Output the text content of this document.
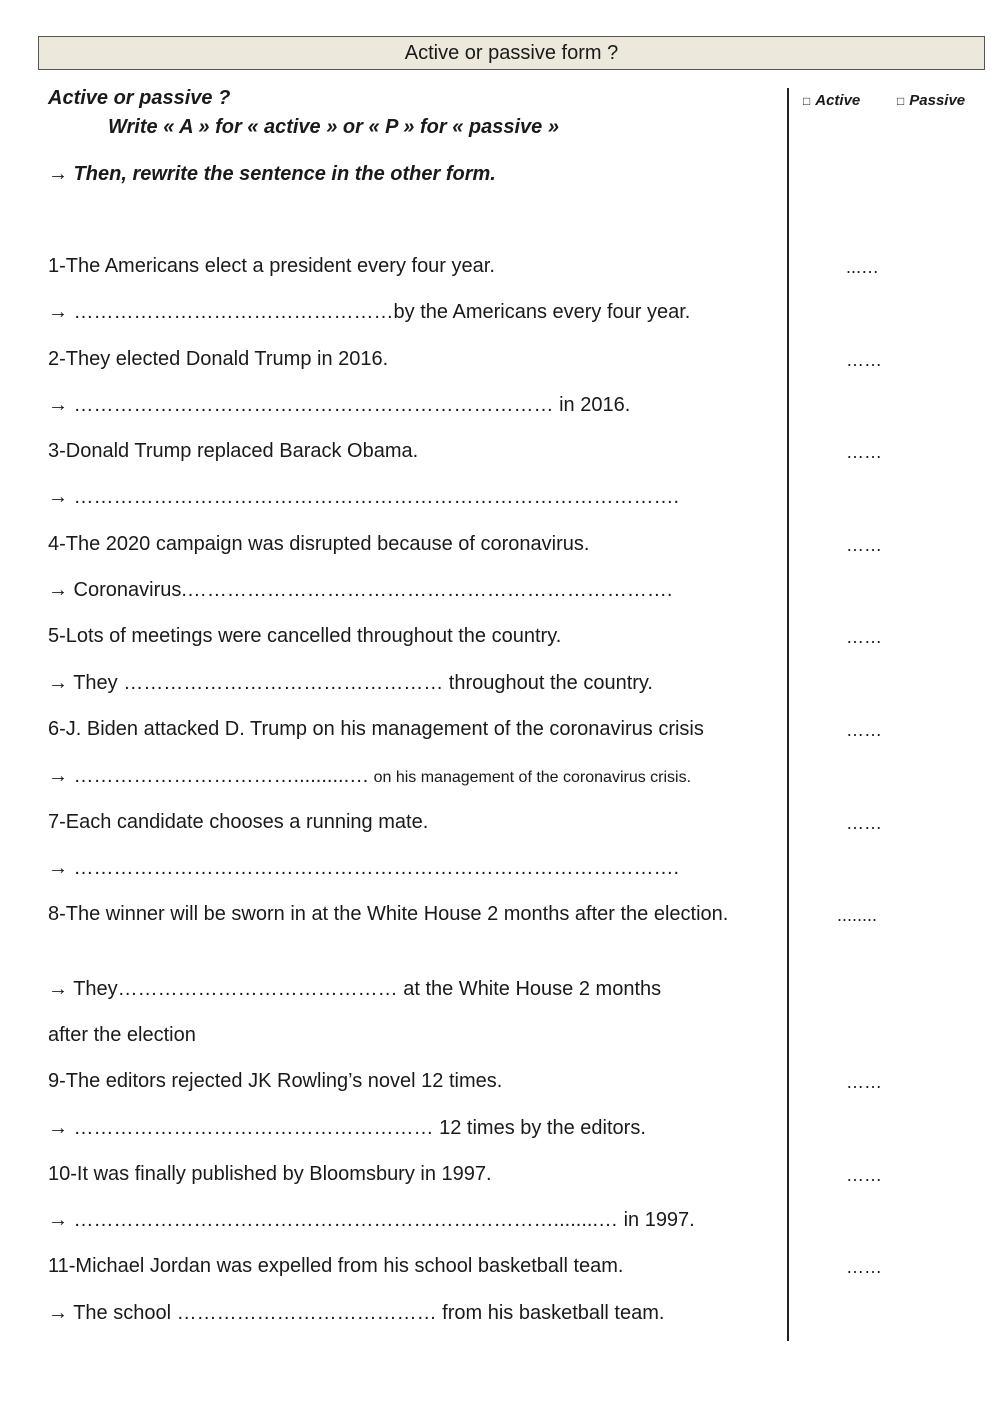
Active or passive form ?
Active or passive ?
Write « A » for « active » or « P » for « passive »
→ Then, rewrite the sentence in the other form.
□ Active	□ Passive
1-The Americans elect a president every four year.	...…
→ …………………………………………by the Americans every four year.
2-They elected Donald Trump in 2016.	……
→ ……………………………………………………………… in 2016.
3-Donald Trump replaced Barack Obama.	……
→ ……………………………………………………………………………….
4-The 2020 campaign was disrupted because of coronavirus.	……
→ Coronavirus.……………………………………………………………….
5-Lots of meetings were cancelled throughout the country.	……
→ They ………………………………………… throughout the country.
6-J. Biden attacked D. Trump on his management of the coronavirus crisis	……
→ ……………………………..........… on his management of the coronavirus crisis.
7-Each candidate chooses a running mate.	……
→ ……………………………………………………………………………….
8-The winner will be sworn in at the White House 2 months after the election.	........
→ They…………………………………… at the White House 2 months
after the election
9-The editors rejected JK Rowling’s novel 12 times.	……
→ ……………………………………………… 12 times by the editors.
10-It was finally published by Bloomsbury in 1997.	……
→ ………………………………………………………………........… in 1997.
11-Michael Jordan was expelled from his school basketball team.	……
→ The school ………………………………… from his basketball team.
